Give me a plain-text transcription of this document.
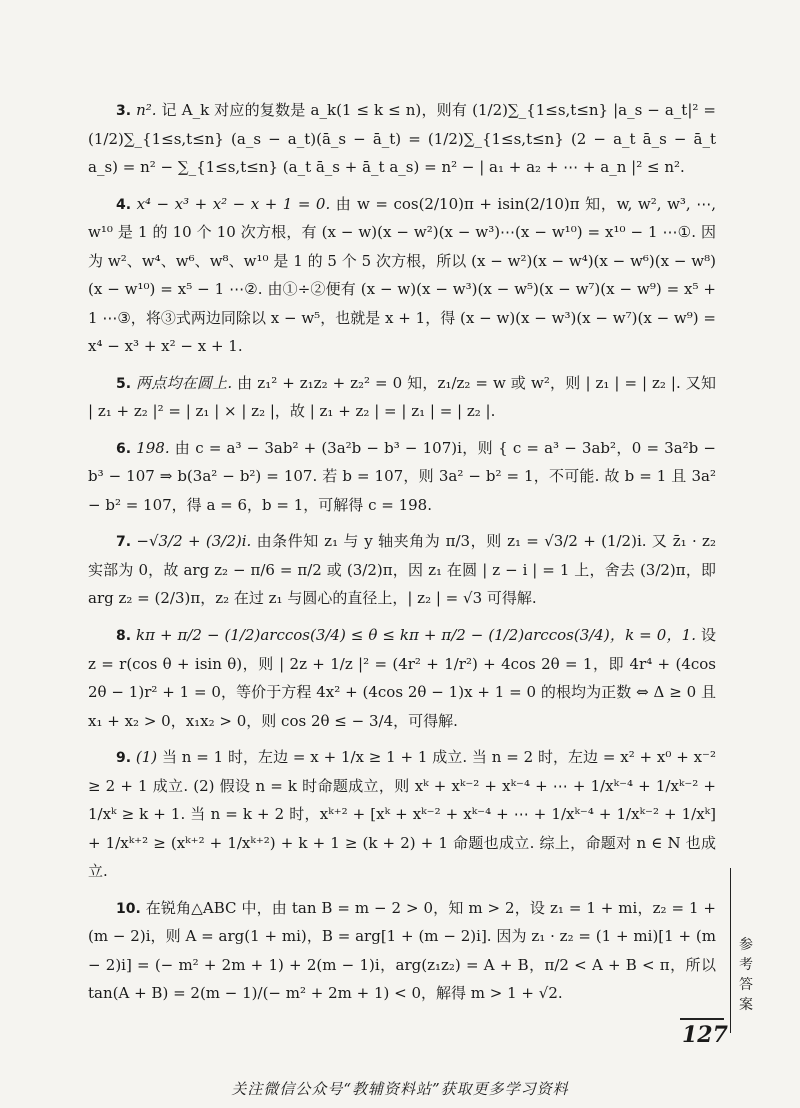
3. n². 记 A_k 对应的复数是 a_k(1 ≤ k ≤ n)，则有 (1/2)∑_{1≤s,t≤n} |a_s − a_t|² = (1/2)∑_{1≤s,t≤n} (a_s − a_t)(ā_s − ā_t) = (1/2)∑_{1≤s,t≤n} (2 − a_t ā_s − ā_t a_s) = n² − ∑_{1≤s,t≤n} (a_t ā_s + ā_t a_s) = n² − | a₁ + a₂ + ⋯ + a_n |² ≤ n².

4. x⁴ − x³ + x² − x + 1 = 0. 由 w = cos(2/10)π + isin(2/10)π 知，w, w², w³, ⋯, w¹⁰ 是 1 的 10 个 10 次方根，有 (x − w)(x − w²)(x − w³)⋯(x − w¹⁰) = x¹⁰ − 1 ⋯①. 因为 w²、w⁴、w⁶、w⁸、w¹⁰ 是 1 的 5 个 5 次方根，所以 (x − w²)(x − w⁴)(x − w⁶)(x − w⁸)(x − w¹⁰) = x⁵ − 1 ⋯②. 由①÷②便有 (x − w)(x − w³)(x − w⁵)(x − w⁷)(x − w⁹) = x⁵ + 1 ⋯③，将③式两边同除以 x − w⁵，也就是 x + 1，得 (x − w)(x − w³)(x − w⁷)(x − w⁹) = x⁴ − x³ + x² − x + 1.

5. 两点均在圆上. 由 z₁² + z₁z₂ + z₂² = 0 知，z₁/z₂ = w 或 w²，则 | z₁ | = | z₂ |. 又知 | z₁ + z₂ |² = | z₁ | × | z₂ |，故 | z₁ + z₂ | = | z₁ | = | z₂ |.

6. 198. 由 c = a³ − 3ab² + (3a²b − b³ − 107)i，则 { c = a³ − 3ab²，0 = 3a²b − b³ − 107 ⇒ b(3a² − b²) = 107. 若 b = 107，则 3a² − b² = 1，不可能. 故 b = 1 且 3a² − b² = 107，得 a = 6，b = 1，可解得 c = 198.

7. −√3/2 + (3/2)i. 由条件知 z₁ 与 y 轴夹角为 π/3，则 z₁ = √3/2 + (1/2)i. 又 z̄₁ · z₂ 实部为 0，故 arg z₂ − π/6 = π/2 或 (3/2)π，因 z₁ 在圆 | z − i | = 1 上，舍去 (3/2)π，即 arg z₂ = (2/3)π，z₂ 在过 z₁ 与圆心的直径上，| z₂ | = √3 可得解.

8. kπ + π/2 − (1/2)arccos(3/4) ≤ θ ≤ kπ + π/2 − (1/2)arccos(3/4)，k = 0，1. 设 z = r(cos θ + isin θ)，则 | 2z + 1/z |² = (4r² + 1/r²) + 4cos 2θ = 1，即 4r⁴ + (4cos 2θ − 1)r² + 1 = 0，等价于方程 4x² + (4cos 2θ − 1)x + 1 = 0 的根均为正数 ⇔ Δ ≥ 0 且 x₁ + x₂ > 0，x₁x₂ > 0，则 cos 2θ ≤ − 3/4，可得解.

9. (1) 当 n = 1 时，左边 = x + 1/x ≥ 1 + 1 成立. 当 n = 2 时，左边 = x² + x⁰ + x⁻² ≥ 2 + 1 成立. (2) 假设 n = k 时命题成立，则 xᵏ + xᵏ⁻² + xᵏ⁻⁴ + ⋯ + 1/xᵏ⁻⁴ + 1/xᵏ⁻² + 1/xᵏ ≥ k + 1. 当 n = k + 2 时，xᵏ⁺² + [xᵏ + xᵏ⁻² + xᵏ⁻⁴ + ⋯ + 1/xᵏ⁻⁴ + 1/xᵏ⁻² + 1/xᵏ] + 1/xᵏ⁺² ≥ (xᵏ⁺² + 1/xᵏ⁺²) + k + 1 ≥ (k + 2) + 1 命题也成立. 综上，命题对 n ∈ N 也成立.

10. 在锐角△ABC 中，由 tan B = m − 2 > 0，知 m > 2，设 z₁ = 1 + mi，z₂ = 1 + (m − 2)i，则 A = arg(1 + mi)，B = arg[1 + (m − 2)i]. 因为 z₁ · z₂ = (1 + mi)[1 + (m − 2)i] = (− m² + 2m + 1) + 2(m − 1)i，arg(z₁z₂) = A + B，π/2 < A + B < π，所以 tan(A + B) = 2(m − 1)/(− m² + 2m + 1) < 0，解得 m > 1 + √2.

参
考
答
案
127
关注微信公众号“教辅资料站”获取更多学习资料
